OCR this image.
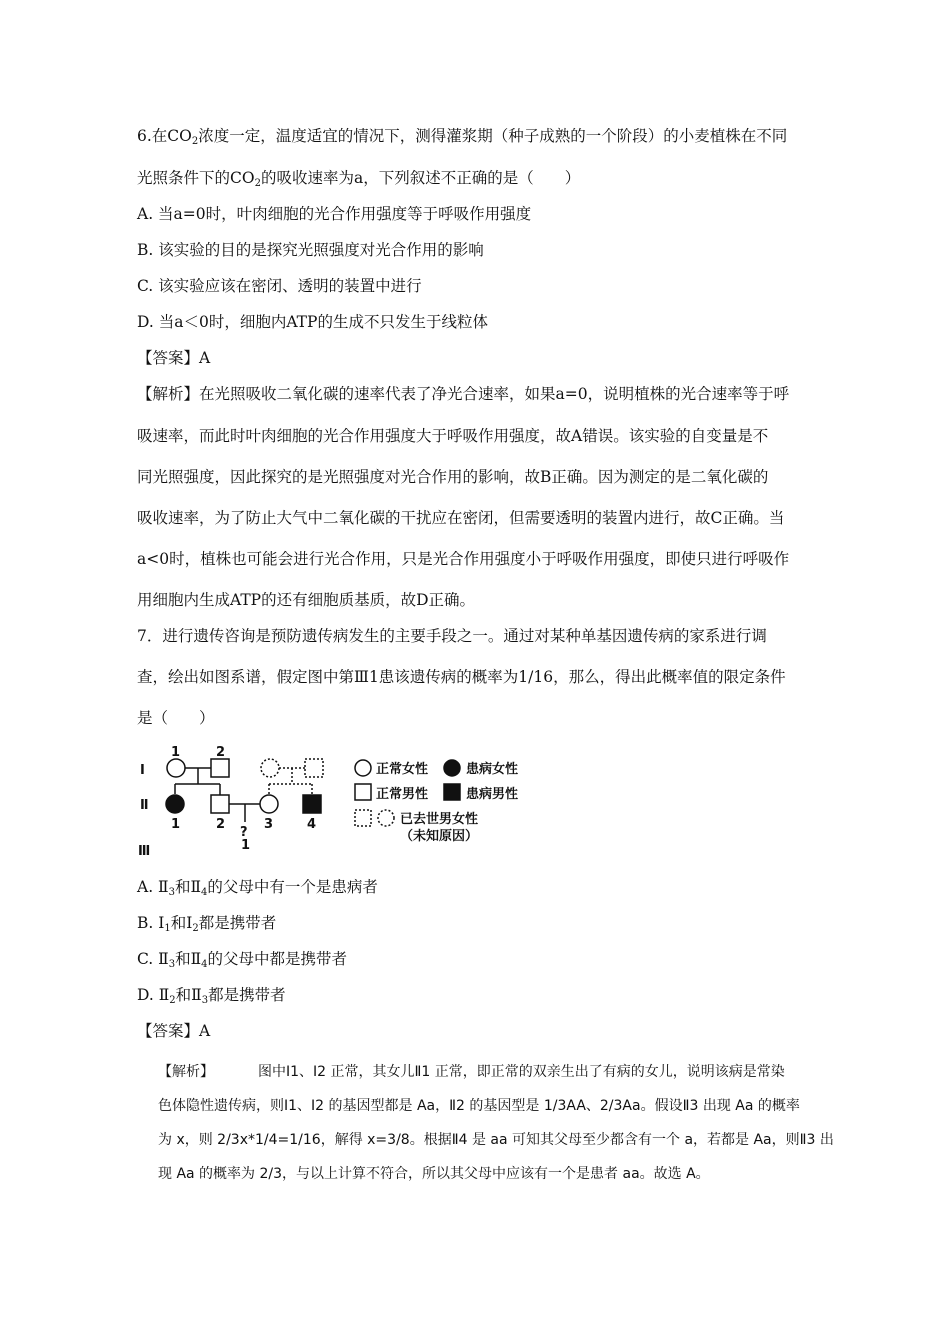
6.在$CO_2$浓度一定，温度适宜的情况下，测得灌浆期（种子成熟的一个阶段）的小麦植株在不同
光照条件下的$CO_2$的吸收速率为a，下列叙述不正确的是（　　）
A. 当a=0时，叶肉细胞的光合作用强度等于呼吸作用强度
B. 该实验的目的是探究光照强度对光合作用的影响
C. 该实验应该在密闭、透明的装置中进行
D. 当a＜0时，细胞内ATP的生成不只发生于线粒体
【答案】A
【解析】在光照吸收二氧化碳的速率代表了净光合速率，如果a=0，说明植株的光合速率等于呼
吸速率，而此时叶肉细胞的光合作用强度大于呼吸作用强度，故A错误。该实验的自变量是不
同光照强度，因此探究的是光照强度对光合作用的影响，故B正确。因为测定的是二氧化碳的
吸收速率，为了防止大气中二氧化碳的干扰应在密闭，但需要透明的装置内进行，故C正确。当
a<0时，植株也可能会进行光合作用，只是光合作用强度小于呼吸作用强度，即使只进行呼吸作
用细胞内生成ATP的还有细胞质基质，故D正确。
7．进行遗传咨询是预防遗传病发生的主要手段之一。通过对某种单基因遗传病的家系进行调
查，绘出如图系谱，假定图中第Ⅲ1患该遗传病的概率为1/16，那么，得出此概率值的限定条件
是（　　）
Ⅰ
Ⅱ
Ⅲ
1	2
1	2	3	4
?
1
正常女性	患病女性
正常男性	患病男性
已去世男女性
（未知原因）
A. $Ⅱ_3$和$Ⅱ_4$的父母中有一个是患病者
B. $Ⅰ_1$和$Ⅰ_2$都是携带者
C. $Ⅱ_3$和$Ⅱ_4$的父母中都是携带者
D. $Ⅱ_2$和$Ⅱ_3$都是携带者
【答案】A
【解析】	图中Ⅰ1、Ⅰ2 正常，其女儿Ⅱ1 正常，即正常的双亲生出了有病的女儿，说明该病是常染
色体隐性遗传病，则Ⅰ1、Ⅰ2 的基因型都是 Aa，Ⅱ2 的基因型是 1/3AA、2/3Aa。假设Ⅱ3 出现 Aa 的概率
为 x，则 2/3x*1/4=1/16，解得 x=3/8。根据Ⅱ4 是 aa 可知其父母至少都含有一个 a，若都是 Aa，则Ⅱ3 出
现 Aa 的概率为 2/3，与以上计算不符合，所以其父母中应该有一个是患者 aa。故选 A。
